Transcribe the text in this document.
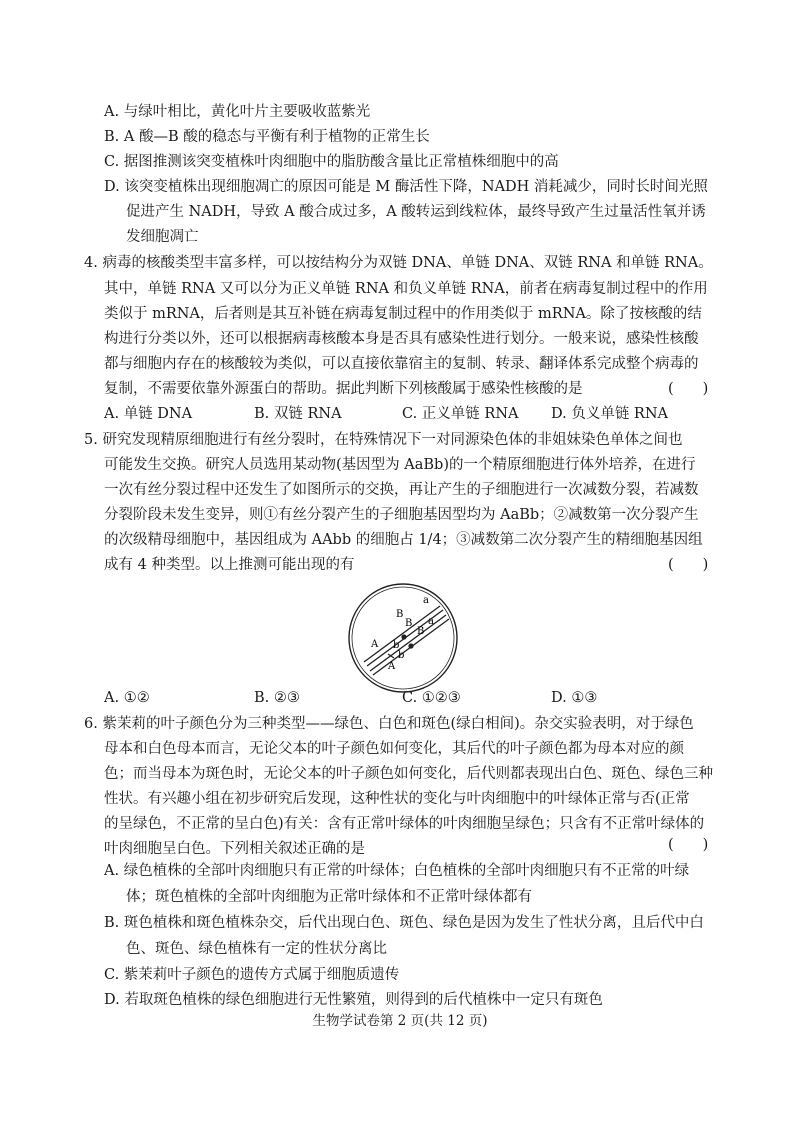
A. 与绿叶相比，黄化叶片主要吸收蓝紫光
B. A 酸—B 酸的稳态与平衡有利于植物的正常生长
C. 据图推测该突变植株叶肉细胞中的脂肪酸含量比正常植株细胞中的高
D. 该突变植株出现细胞凋亡的原因可能是 M 酶活性下降，NADH 消耗减少，同时长时间光照
促进产生 NADH，导致 A 酸合成过多，A 酸转运到线粒体，最终导致产生过量活性氧并诱
发细胞凋亡
4. 病毒的核酸类型丰富多样，可以按结构分为双链 DNA、单链 DNA、双链 RNA 和单链 RNA。
其中，单链 RNA 又可以分为正义单链 RNA 和负义单链 RNA，前者在病毒复制过程中的作用
类似于 mRNA，后者则是其互补链在病毒复制过程中的作用类似于 mRNA。除了按核酸的结
构进行分类以外，还可以根据病毒核酸本身是否具有感染性进行划分。一般来说，感染性核酸
都与细胞内存在的核酸较为类似，可以直接依靠宿主的复制、转录、翻译体系完成整个病毒的
复制，不需要依靠外源蛋白的帮助。据此判断下列核酸属于感染性核酸的是	(　　)
A. 单链 DNA	B. 双链 RNA	C. 正义单链 RNA D. 负义单链 RNA
5. 研究发现精原细胞进行有丝分裂时，在特殊情况下一对同源染色体的非姐妹染色单体之间也
可能发生交换。研究人员选用某动物(基因型为 AaBb)的一个精原细胞进行体外培养，在进行
一次有丝分裂过程中还发生了如图所示的交换，再让产生的子细胞进行一次减数分裂，若减数
分裂阶段未发生变异，则①有丝分裂产生的子细胞基因型均为 AaBb；②减数第一次分裂产生
的次级精母细胞中，基因组成为 AAbb 的细胞占 1/4；③减数第二次分裂产生的精细胞基因组
成有 4 种类型。以上推测可能出现的有	(　　)
B
B
a
a
B
A
A
b
b
A. ①②	B. ②③	C. ①②③	D. ①③
6. 紫茉莉的叶子颜色分为三种类型——绿色、白色和斑色(绿白相间)。杂交实验表明，对于绿色
母本和白色母本而言，无论父本的叶子颜色如何变化，其后代的叶子颜色都为母本对应的颜
色；而当母本为斑色时，无论父本的叶子颜色如何变化，后代则都表现出白色、斑色、绿色三种
性状。有兴趣小组在初步研究后发现，这种性状的变化与叶肉细胞中的叶绿体正常与否(正常
的呈绿色，不正常的呈白色)有关：含有正常叶绿体的叶肉细胞呈绿色；只含有不正常叶绿体的
叶肉细胞呈白色。下列相关叙述正确的是	(　　)
A. 绿色植株的全部叶肉细胞只有正常的叶绿体；白色植株的全部叶肉细胞只有不正常的叶绿
体；斑色植株的全部叶肉细胞为正常叶绿体和不正常叶绿体都有
B. 斑色植株和斑色植株杂交，后代出现白色、斑色、绿色是因为发生了性状分离，且后代中白
色、斑色、绿色植株有一定的性状分离比
C. 紫茉莉叶子颜色的遗传方式属于细胞质遗传
D. 若取斑色植株的绿色细胞进行无性繁殖，则得到的后代植株中一定只有斑色
生物学试卷第 2 页(共 12 页)
